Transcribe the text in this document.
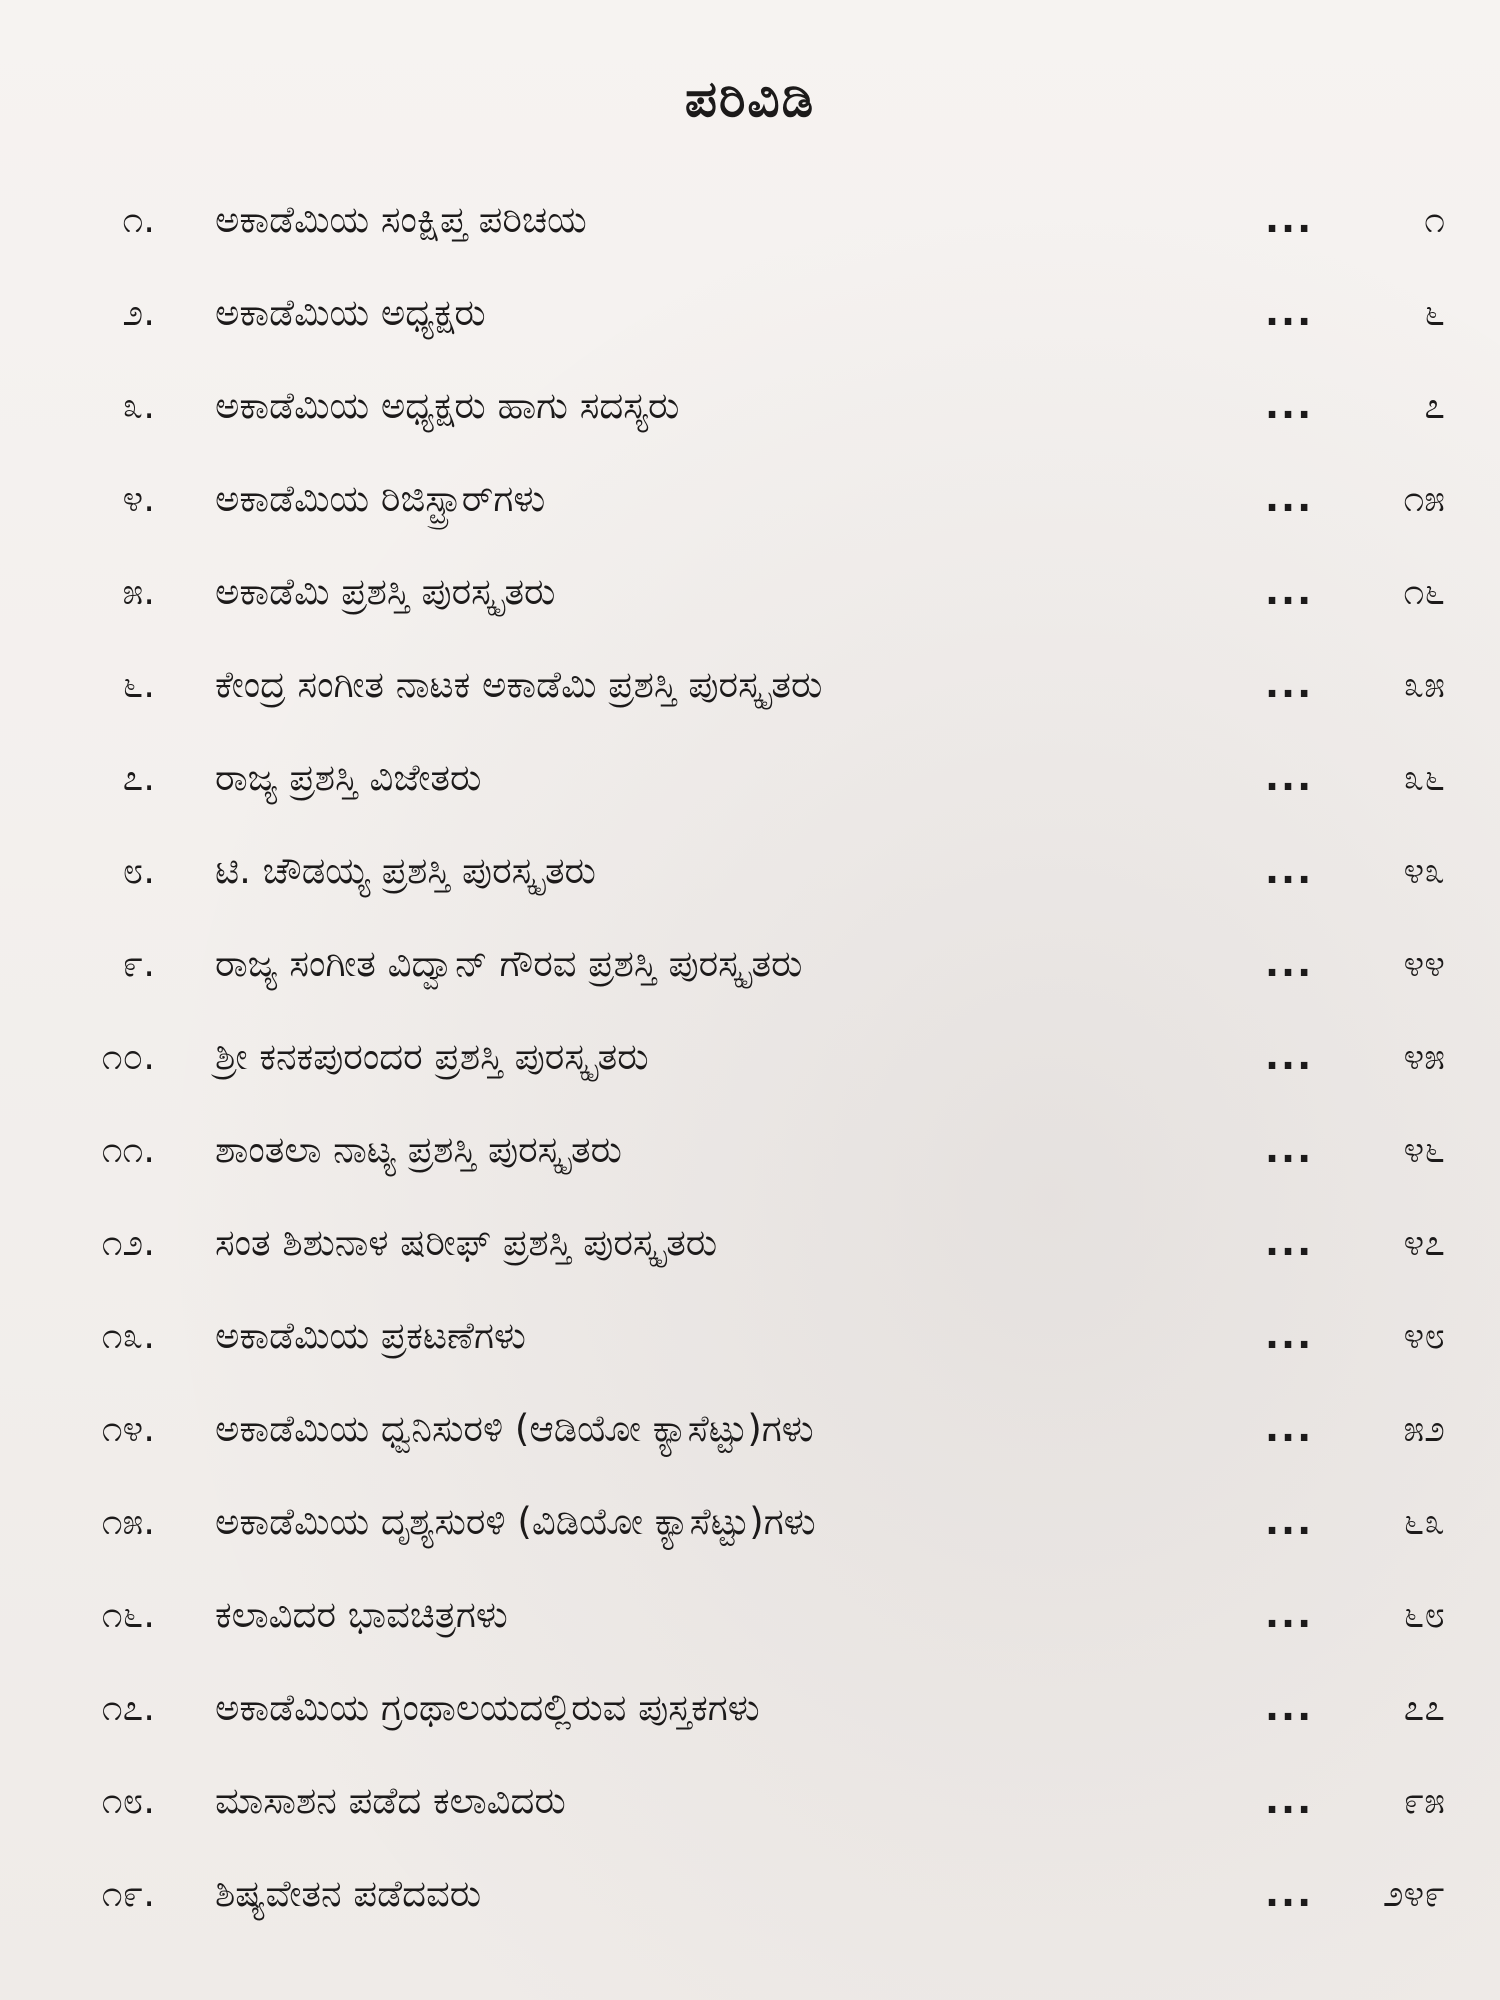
ಪರಿವಿಡಿ
೧. ಅಕಾಡೆಮಿಯ ಸಂಕ್ಷಿಪ್ತ ಪರಿಚಯ	...	೧
೨. ಅಕಾಡೆಮಿಯ ಅಧ್ಯಕ್ಷರು	...	೬
೩. ಅಕಾಡೆಮಿಯ ಅಧ್ಯಕ್ಷರು ಹಾಗು ಸದಸ್ಯರು	...	೭
೪. ಅಕಾಡೆಮಿಯ ರಿಜಿಸ್ಟ್ರಾರ್‌ಗಳು	... ೧೫
೫. ಅಕಾಡೆಮಿ ಪ್ರಶಸ್ತಿ ಪುರಸ್ಕೃತರು	... ೧೬
೬. ಕೇಂದ್ರ ಸಂಗೀತ ನಾಟಕ ಅಕಾಡೆಮಿ ಪ್ರಶಸ್ತಿ ಪುರಸ್ಕೃತರು	... ೩೫
೭. ರಾಜ್ಯ ಪ್ರಶಸ್ತಿ ವಿಜೇತರು	... ೩೬
೮. ಟಿ. ಚೌಡಯ್ಯ ಪ್ರಶಸ್ತಿ ಪುರಸ್ಕೃತರು	... ೪೩
೯. ರಾಜ್ಯ ಸಂಗೀತ ವಿದ್ವಾನ್ ಗೌರವ ಪ್ರಶಸ್ತಿ ಪುರಸ್ಕೃತರು	... ೪೪
೧೦. ಶ್ರೀ ಕನಕಪುರಂದರ ಪ್ರಶಸ್ತಿ ಪುರಸ್ಕೃತರು	... ೪೫
೧೧. ಶಾಂತಲಾ ನಾಟ್ಯ ಪ್ರಶಸ್ತಿ ಪುರಸ್ಕೃತರು	... ೪೬
೧೨. ಸಂತ ಶಿಶುನಾಳ ಷರೀಫ್ ಪ್ರಶಸ್ತಿ ಪುರಸ್ಕೃತರು	... ೪೭
೧೩. ಅಕಾಡೆಮಿಯ ಪ್ರಕಟಣೆಗಳು	... ೪೮
೧೪. ಅಕಾಡೆಮಿಯ ಧ್ವನಿಸುರಳಿ (ಆಡಿಯೋ ಕ್ಯಾಸೆಟ್ಟು)ಗಳು	... ೫೨
೧೫. ಅಕಾಡೆಮಿಯ ದೃಶ್ಯಸುರಳಿ (ವಿಡಿಯೋ ಕ್ಯಾಸೆಟ್ಟು)ಗಳು	... ೬೩
೧೬. ಕಲಾವಿದರ ಭಾವಚಿತ್ರಗಳು	... ೬೮
೧೭. ಅಕಾಡೆಮಿಯ ಗ್ರಂಥಾಲಯದಲ್ಲಿರುವ ಪುಸ್ತಕಗಳು	... ೭೭
೧೮. ಮಾಸಾಶನ ಪಡೆದ ಕಲಾವಿದರು	... ೯೫
೧೯. ಶಿಷ್ಯವೇತನ ಪಡೆದವರು	... ೨೪೯
